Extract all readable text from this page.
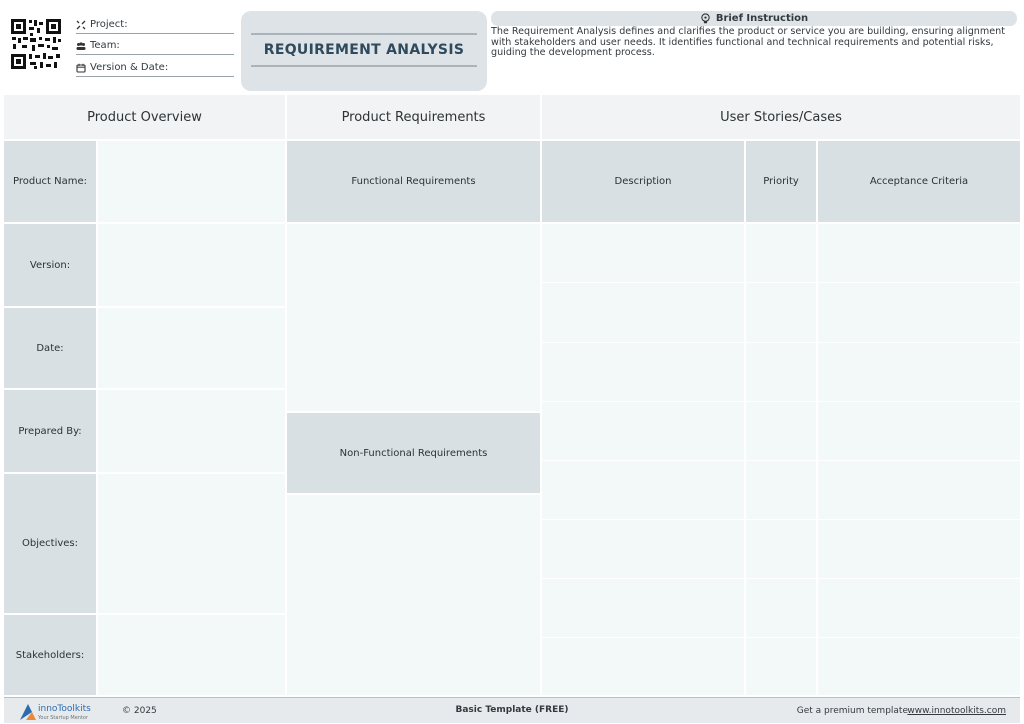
Project:
Team:
Version & Date:
REQUIREMENT ANALYSIS
Brief Instruction
The Requirement Analysis defines and clarifies the product or service you are building, ensuring alignment with stakeholders and user needs. It identifies functional and technical requirements and potential risks, guiding the development process.
Product Overview	Product Requirements	User Stories/Cases
Product Name:
Version:
Date:
Prepared By:
Objectives:
Stakeholders:
Functional Requirements
Non-Functional Requirements
Description	Priority	Acceptance Criteria
innoToolkits
Your Startup Mentor
© 2025	Basic Template (FREE)	Get a premium template www.innotoolkits.com
